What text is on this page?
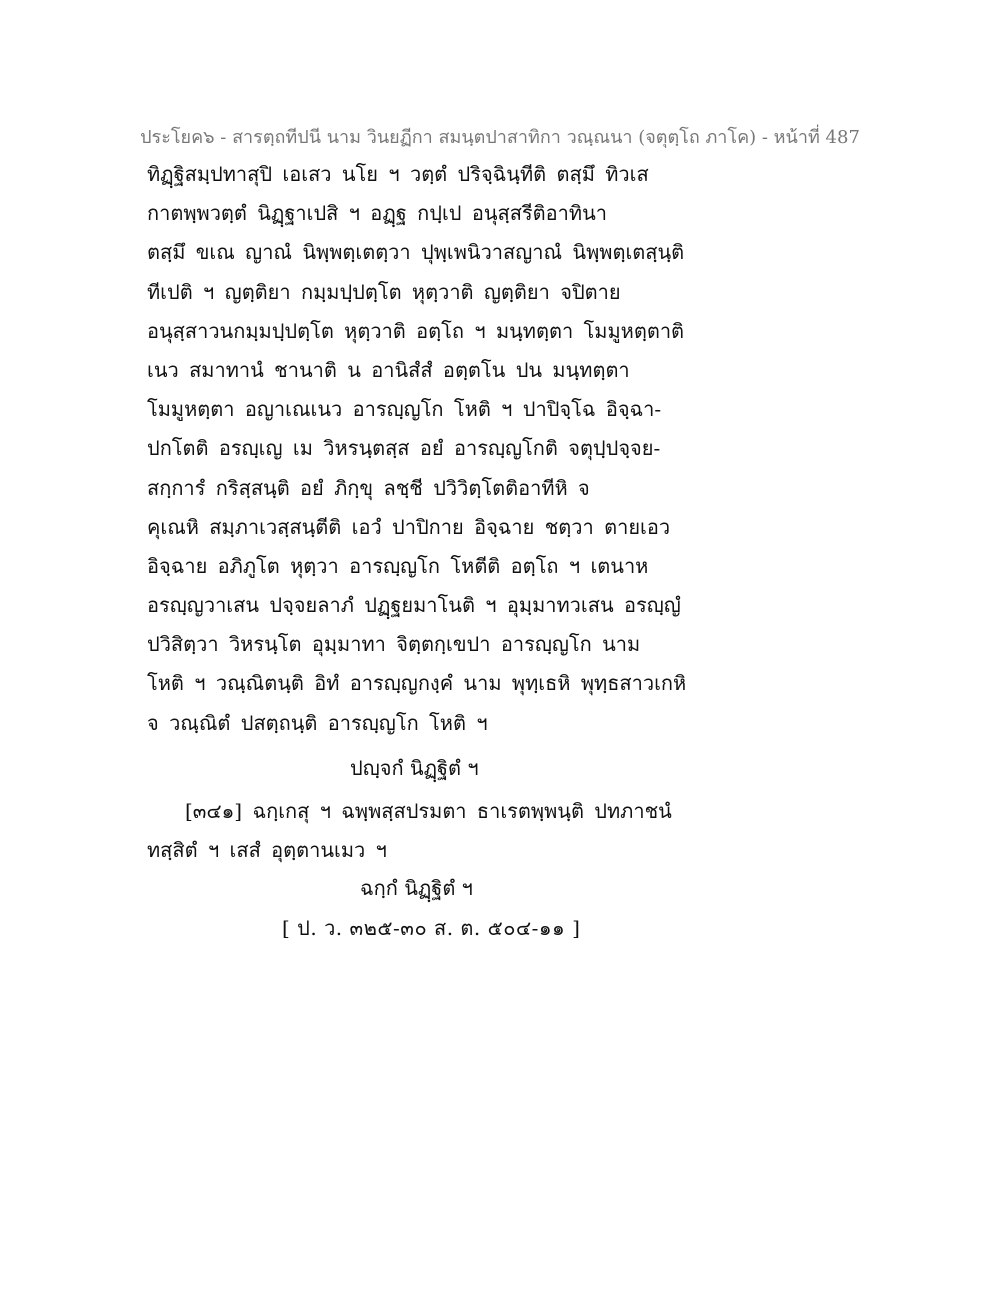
ประโยค๖ - สารตฺถทีปนี นาม วินยฏีกา สมนฺตปาสาทิกา วณฺณนา (จตุตฺโถ ภาโค) - หน้าที่ 487
ทิฏฺฐิสมฺปทาสุปิ เอเสว นโย ฯ วตฺตํ ปริจฺฉินฺทีติ ตสฺมึ ทิวเส
กาตพฺพวตฺตํ นิฏฺฐาเปสิ ฯ อฏฺฐ กปฺเป อนุสฺสรีติอาทินา
ตสฺมึ ขเณ ญาณํ นิพฺพตฺเตตฺวา ปุพฺเพนิวาสญาณํ นิพฺพตฺเตสฺนฺติ
ทีเปติ ฯ ญตฺติยา กมฺมปฺปตฺโต หุตฺวาติ ญตฺติยา จปิตาย
อนุสฺสาวนกมฺมปฺปตฺโต หุตฺวาติ อตฺโถ ฯ มนฺทตฺตา โมมูหตฺตาติ
เนว สมาทานํ ชานาติ น อานิสํสํ อตฺตโน ปน มนฺทตฺตา
โมมูหตฺตา อญาเณเนว อารญฺญโก โหติ ฯ ปาปิจฺโฉ อิจฺฉา-
ปกโตติ อรญฺเญ เม วิหรนฺตสฺส อยํ อารญฺญโกติ จตุปฺปจฺจย-
สกฺการํ กริสฺสนฺติ อยํ ภิกฺขุ ลชฺชี ปวิวิตฺโตติอาทีหิ จ
คุเณหิ สมฺภาเวสฺสนฺตีติ เอวํ ปาปิกาย อิจฺฉาย ชตฺวา ตายเอว
อิจฺฉาย อภิภูโต หุตฺวา อารญฺญโก โหตีติ อตฺโถ ฯ เตนาห
อรญฺญวาเสน ปจฺจยลาภํ ปฏฺฐยมาโนติ ฯ อุมฺมาทวเสน อรญฺญํ
ปวิสิตฺวา วิหรนฺโต อุมฺมาทา จิตฺตกฺเขปา อารญฺญโก นาม
โหติ ฯ วณฺณิตนฺติ อิทํ อารญฺญกงฺคํ นาม พุทฺเธหิ พุทฺธสาวเกหิ
จ วณฺณิตํ ปสตฺถนฺติ อารญฺญโก โหติ ฯ
ปญฺจกํ นิฏฺฐิตํ ฯ
[๓๔๑] ฉกฺเกสุ ฯ ฉพฺพสฺสปรมตา ธาเรตพฺพนฺติ ปทภาชนํ
ทสฺสิตํ ฯ เสสํ อุตฺตานเมว ฯ
ฉกฺกํ นิฏฺฐิตํ ฯ
[ ป. ว. ๓๒๕-๓๐ ส. ต. ๕๐๔-๑๑ ]
